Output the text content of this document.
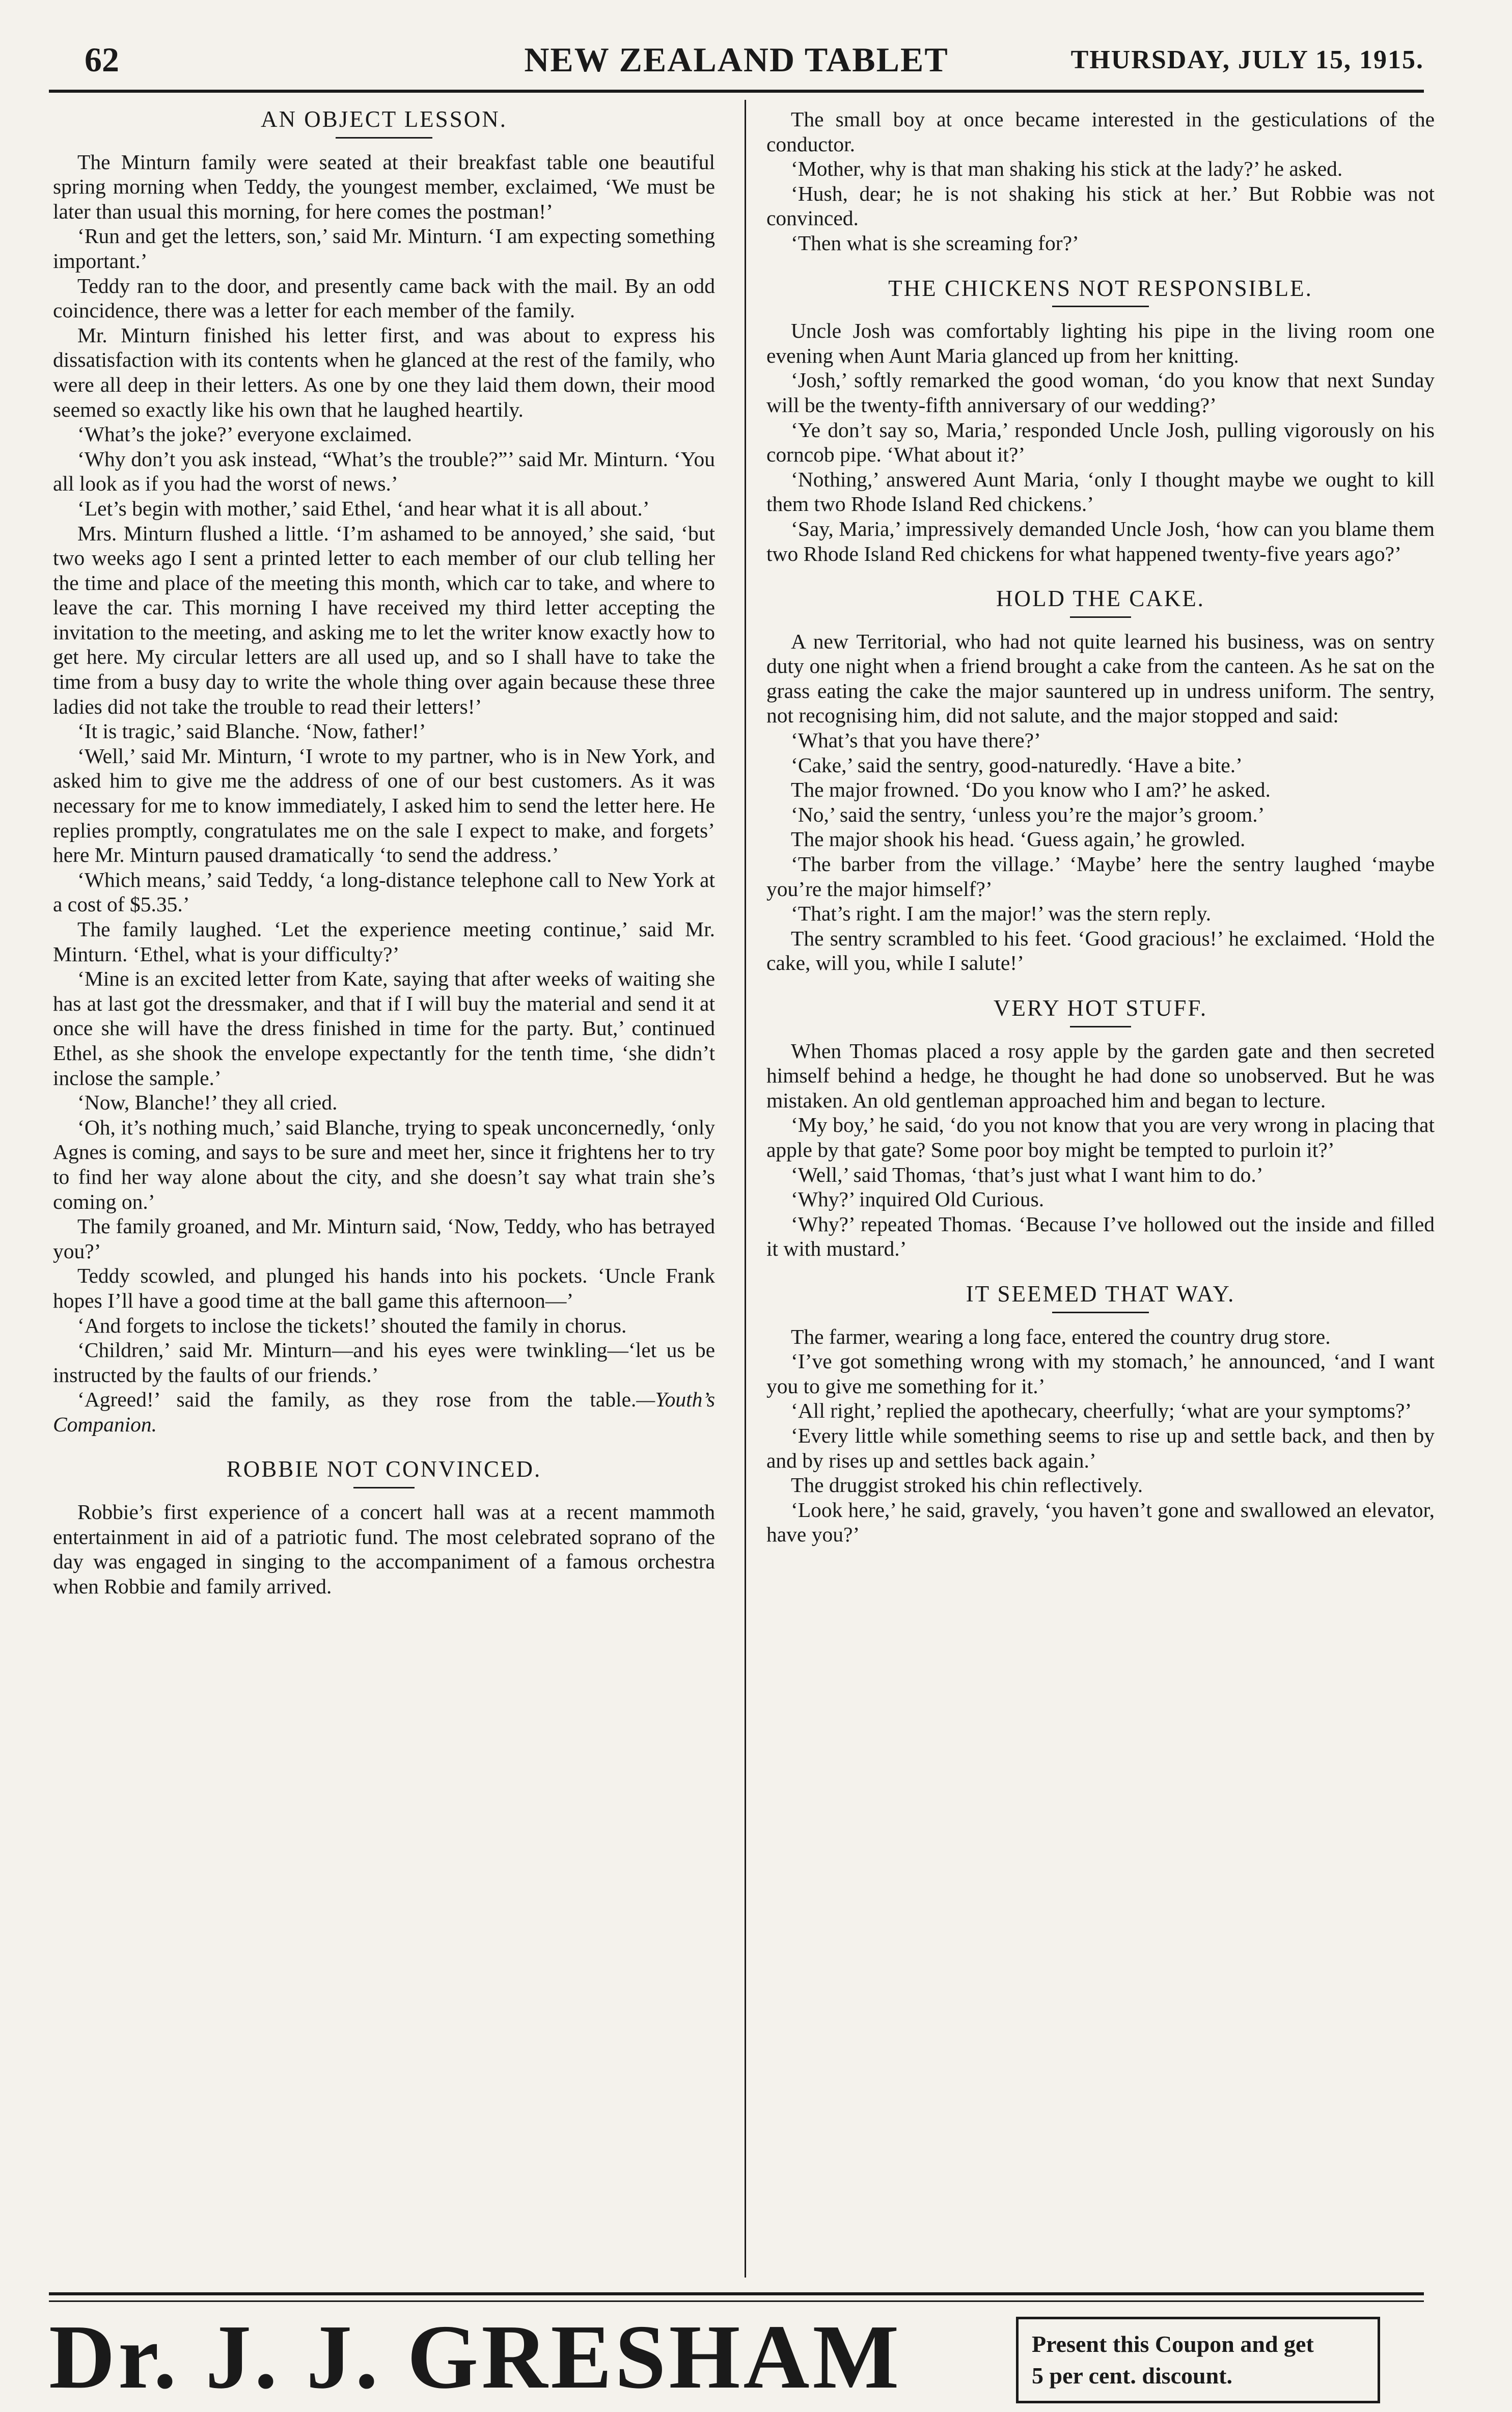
62	NEW ZEALAND TABLET	THURSDAY, JULY 15, 1915.
AN OBJECT LESSON.

The Minturn family were seated at their breakfast table one beautiful spring morning when Teddy, the youngest member, exclaimed, ‘We must be later than usual this morning, for here comes the postman!’

‘Run and get the letters, son,’ said Mr. Minturn. ‘I am expecting something important.’

Teddy ran to the door, and presently came back with the mail. By an odd coincidence, there was a letter for each member of the family.

Mr. Minturn finished his letter first, and was about to express his dissatisfaction with its contents when he glanced at the rest of the family, who were all deep in their letters. As one by one they laid them down, their mood seemed so exactly like his own that he laughed heartily.

‘What’s the joke?’ everyone exclaimed.

‘Why don’t you ask instead, “What’s the trouble?”’ said Mr. Minturn. ‘You all look as if you had the worst of news.’

‘Let’s begin with mother,’ said Ethel, ‘and hear what it is all about.’

Mrs. Minturn flushed a little. ‘I’m ashamed to be annoyed,’ she said, ‘but two weeks ago I sent a printed letter to each member of our club telling her the time and place of the meeting this month, which car to take, and where to leave the car. This morning I have received my third letter accepting the invitation to the meeting, and asking me to let the writer know exactly how to get here. My circular letters are all used up, and so I shall have to take the time from a busy day to write the whole thing over again because these three ladies did not take the trouble to read their letters!’

‘It is tragic,’ said Blanche. ‘Now, father!’

‘Well,’ said Mr. Minturn, ‘I wrote to my partner, who is in New York, and asked him to give me the address of one of our best customers. As it was necessary for me to know immediately, I asked him to send the letter here. He replies promptly, congratulates me on the sale I expect to make, and forgets’ here Mr. Minturn paused dramatically ‘to send the address.’

‘Which means,’ said Teddy, ‘a long-distance telephone call to New York at a cost of $5.35.’

The family laughed. ‘Let the experience meeting continue,’ said Mr. Minturn. ‘Ethel, what is your difficulty?’

‘Mine is an excited letter from Kate, saying that after weeks of waiting she has at last got the dressmaker, and that if I will buy the material and send it at once she will have the dress finished in time for the party. But,’ continued Ethel, as she shook the envelope expectantly for the tenth time, ‘she didn’t inclose the sample.’

‘Now, Blanche!’ they all cried.

‘Oh, it’s nothing much,’ said Blanche, trying to speak unconcernedly, ‘only Agnes is coming, and says to be sure and meet her, since it frightens her to try to find her way alone about the city, and she doesn’t say what train she’s coming on.’

The family groaned, and Mr. Minturn said, ‘Now, Teddy, who has betrayed you?’

Teddy scowled, and plunged his hands into his pockets. ‘Uncle Frank hopes I’ll have a good time at the ball game this afternoon—’

‘And forgets to inclose the tickets!’ shouted the family in chorus.

‘Children,’ said Mr. Minturn—and his eyes were twinkling—‘let us be instructed by the faults of our friends.’

‘Agreed!’ said the family, as they rose from the table.—Youth’s Companion.

ROBBIE NOT CONVINCED.

Robbie’s first experience of a concert hall was at a recent mammoth entertainment in aid of a patriotic fund. The most celebrated soprano of the day was engaged in singing to the accompaniment of a famous orchestra when Robbie and family arrived.

The small boy at once became interested in the gesticulations of the conductor.

‘Mother, why is that man shaking his stick at the lady?’ he asked.

‘Hush, dear; he is not shaking his stick at her.’ But Robbie was not convinced.

‘Then what is she screaming for?’

THE CHICKENS NOT RESPONSIBLE.

Uncle Josh was comfortably lighting his pipe in the living room one evening when Aunt Maria glanced up from her knitting.

‘Josh,’ softly remarked the good woman, ‘do you know that next Sunday will be the twenty-fifth anniversary of our wedding?’

‘Ye don’t say so, Maria,’ responded Uncle Josh, pulling vigorously on his corncob pipe. ‘What about it?’

‘Nothing,’ answered Aunt Maria, ‘only I thought maybe we ought to kill them two Rhode Island Red chickens.’

‘Say, Maria,’ impressively demanded Uncle Josh, ‘how can you blame them two Rhode Island Red chickens for what happened twenty-five years ago?’

HOLD THE CAKE.

A new Territorial, who had not quite learned his business, was on sentry duty one night when a friend brought a cake from the canteen. As he sat on the grass eating the cake the major sauntered up in undress uniform. The sentry, not recognising him, did not salute, and the major stopped and said:

‘What’s that you have there?’

‘Cake,’ said the sentry, good-naturedly. ‘Have a bite.’

The major frowned. ‘Do you know who I am?’ he asked.

‘No,’ said the sentry, ‘unless you’re the major’s groom.’

The major shook his head. ‘Guess again,’ he growled.

‘The barber from the village.’ ‘Maybe’ here the sentry laughed ‘maybe you’re the major himself?’

‘That’s right. I am the major!’ was the stern reply.

The sentry scrambled to his feet. ‘Good gracious!’ he exclaimed. ‘Hold the cake, will you, while I salute!’

VERY HOT STUFF.

When Thomas placed a rosy apple by the garden gate and then secreted himself behind a hedge, he thought he had done so unobserved. But he was mistaken. An old gentleman approached him and began to lecture.

‘My boy,’ he said, ‘do you not know that you are very wrong in placing that apple by that gate? Some poor boy might be tempted to purloin it?’

‘Well,’ said Thomas, ‘that’s just what I want him to do.’

‘Why?’ inquired Old Curious.

‘Why?’ repeated Thomas. ‘Because I’ve hollowed out the inside and filled it with mustard.’

IT SEEMED THAT WAY.

The farmer, wearing a long face, entered the country drug store.

‘I’ve got something wrong with my stomach,’ he announced, ‘and I want you to give me something for it.’

‘All right,’ replied the apothecary, cheerfully; ‘what are your symptoms?’

‘Every little while something seems to rise up and settle back, and then by and by rises up and settles back again.’

The druggist stroked his chin reflectively.

‘Look here,’ he said, gravely, ‘you haven’t gone and swallowed an elevator, have you?’

Dr. J. J. GRESHAM	Present this Coupon and get
5 per cent. discount.
